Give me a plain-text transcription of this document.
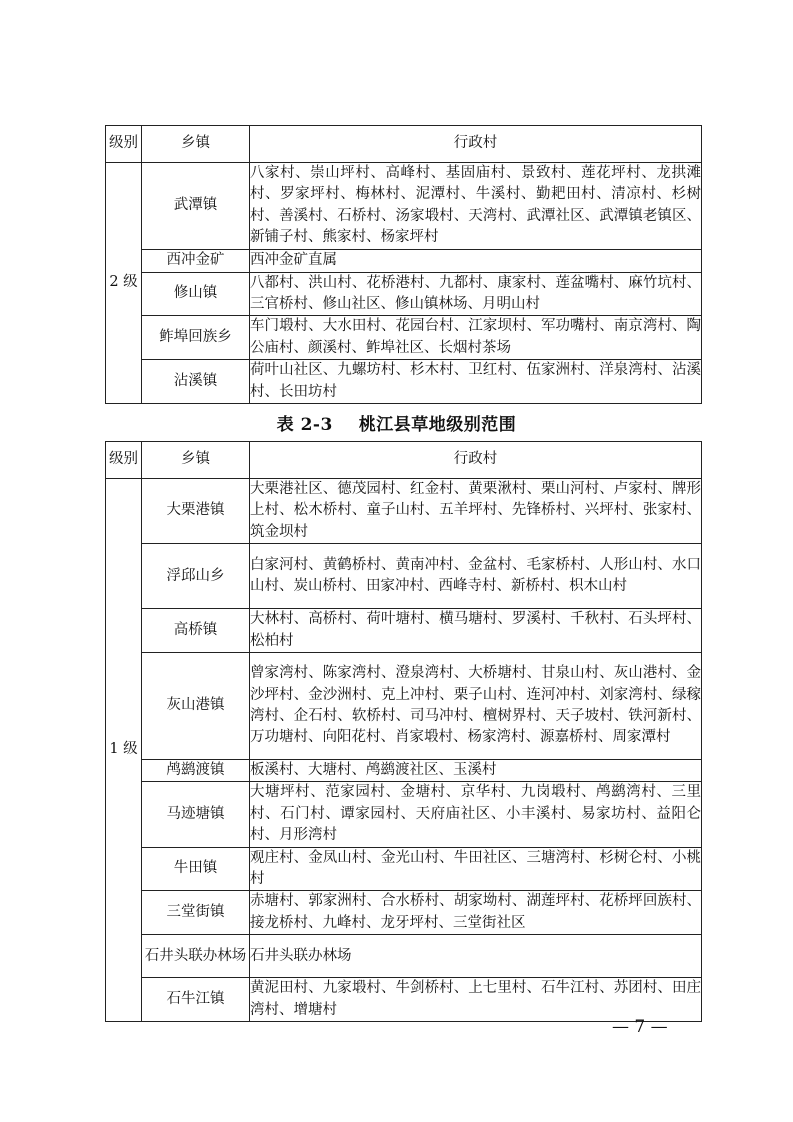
级别	乡镇	行政村
2 级	武潭镇	八家村、崇山坪村、高峰村、基固庙村、景致村、莲花坪村、龙拱滩村、罗家坪村、梅林村、泥潭村、牛溪村、勤耙田村、清凉村、杉树村、善溪村、石桥村、汤家塅村、天湾村、武潭社区、武潭镇老镇区、新铺子村、熊家村、杨家坪村
	西冲金矿	西冲金矿直属
	修山镇	八都村、洪山村、花桥港村、九都村、康家村、莲盆嘴村、麻竹坑村、三官桥村、修山社区、修山镇林场、月明山村
	鲊埠回族乡	车门塅村、大水田村、花园台村、江家坝村、军功嘴村、南京湾村、陶公庙村、颜溪村、鲊埠社区、长烟村茶场
	沾溪镇	荷叶山社区、九螺坊村、杉木村、卫红村、伍家洲村、洋泉湾村、沾溪村、长田坊村
表 2-3 桃江县草地级别范围
级别	乡镇	行政村
1 级	大栗港镇	大栗港社区、德茂园村、红金村、黄栗湫村、栗山河村、卢家村、牌形上村、松木桥村、童子山村、五羊坪村、先锋桥村、兴坪村、张家村、筑金坝村
	浮邱山乡	白家河村、黄鹤桥村、黄南冲村、金盆村、毛家桥村、人形山村、水口山村、炭山桥村、田家冲村、西峰寺村、新桥村、枳木山村
	高桥镇	大林村、高桥村、荷叶塘村、横马塘村、罗溪村、千秋村、石头坪村、松柏村
	灰山港镇	曾家湾村、陈家湾村、澄泉湾村、大桥塘村、甘泉山村、灰山港村、金沙坪村、金沙洲村、克上冲村、栗子山村、连河冲村、刘家湾村、绿稼湾村、企石村、软桥村、司马冲村、檀树界村、天子坡村、铁河新村、万功塘村、向阳花村、肖家塅村、杨家湾村、源嘉桥村、周家潭村
	鸬鹚渡镇	板溪村、大塘村、鸬鹚渡社区、玉溪村
	马迹塘镇	大塘坪村、范家园村、金塘村、京华村、九岗塅村、鸬鹚湾村、三里村、石门村、谭家园村、天府庙社区、小丰溪村、易家坊村、益阳仑村、月形湾村
	牛田镇	观庄村、金凤山村、金光山村、牛田社区、三塘湾村、杉树仑村、小桃村
	三堂街镇	赤塘村、郭家洲村、合水桥村、胡家坳村、湖莲坪村、花桥坪回族村、接龙桥村、九峰村、龙牙坪村、三堂街社区
	石井头联办林场	石井头联办林场
	石牛江镇	黄泥田村、九家塅村、牛剑桥村、上七里村、石牛江村、苏团村、田庄湾村、增塘村
— 7 —
